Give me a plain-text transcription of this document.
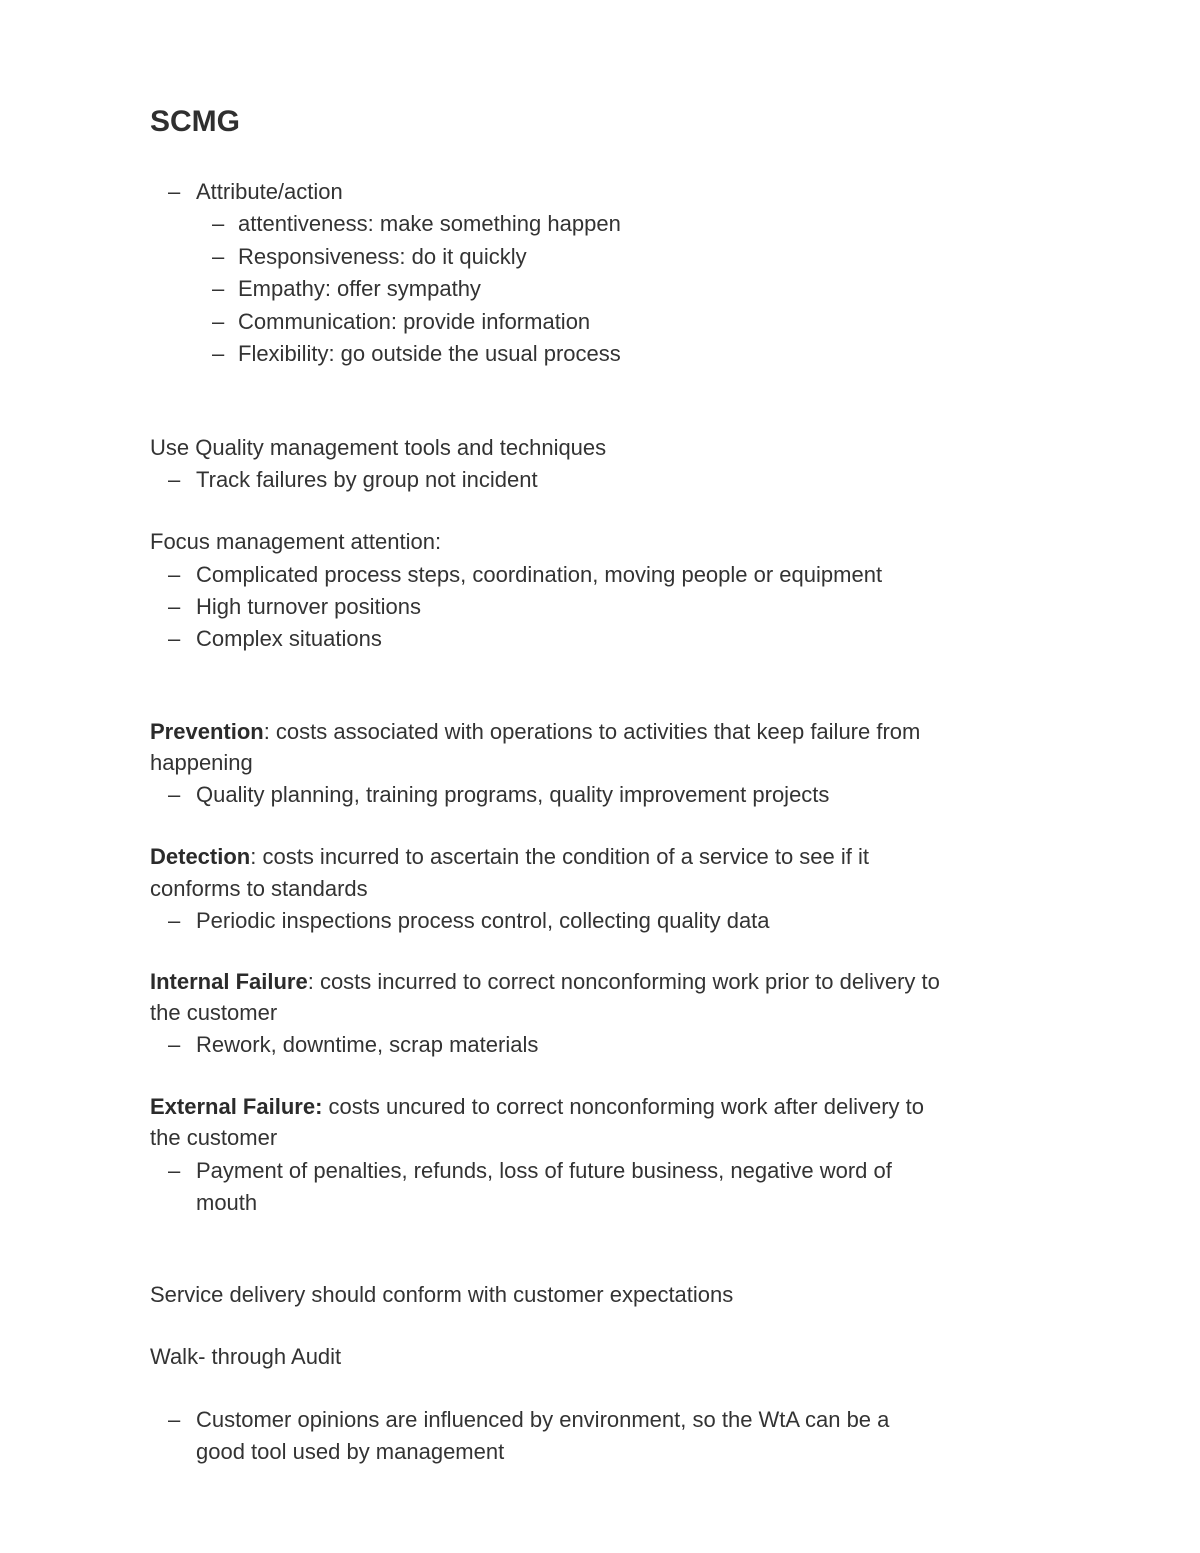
SCMG
– Attribute/action
– attentiveness: make something happen
– Responsiveness: do it quickly
– Empathy: offer sympathy
– Communication: provide information
– Flexibility: go outside the usual process
Use Quality management tools and techniques
– Track failures by group not incident
Focus management attention:
– Complicated process steps, coordination, moving people or equipment
– High turnover positions
– Complex situations
Prevention: costs associated with operations to activities that keep failure from
happening
– Quality planning, training programs, quality improvement projects
Detection: costs incurred to ascertain the condition of a service to see if it
conforms to standards
– Periodic inspections process control, collecting quality data
Internal Failure: costs incurred to correct nonconforming work prior to delivery to
the customer
– Rework, downtime, scrap materials
External Failure: costs uncured to correct nonconforming work after delivery to
the customer
– Payment of penalties, refunds, loss of future business, negative word of
mouth
Service delivery should conform with customer expectations
Walk- through Audit
– Customer opinions are influenced by environment, so the WtA can be a
good tool used by management
